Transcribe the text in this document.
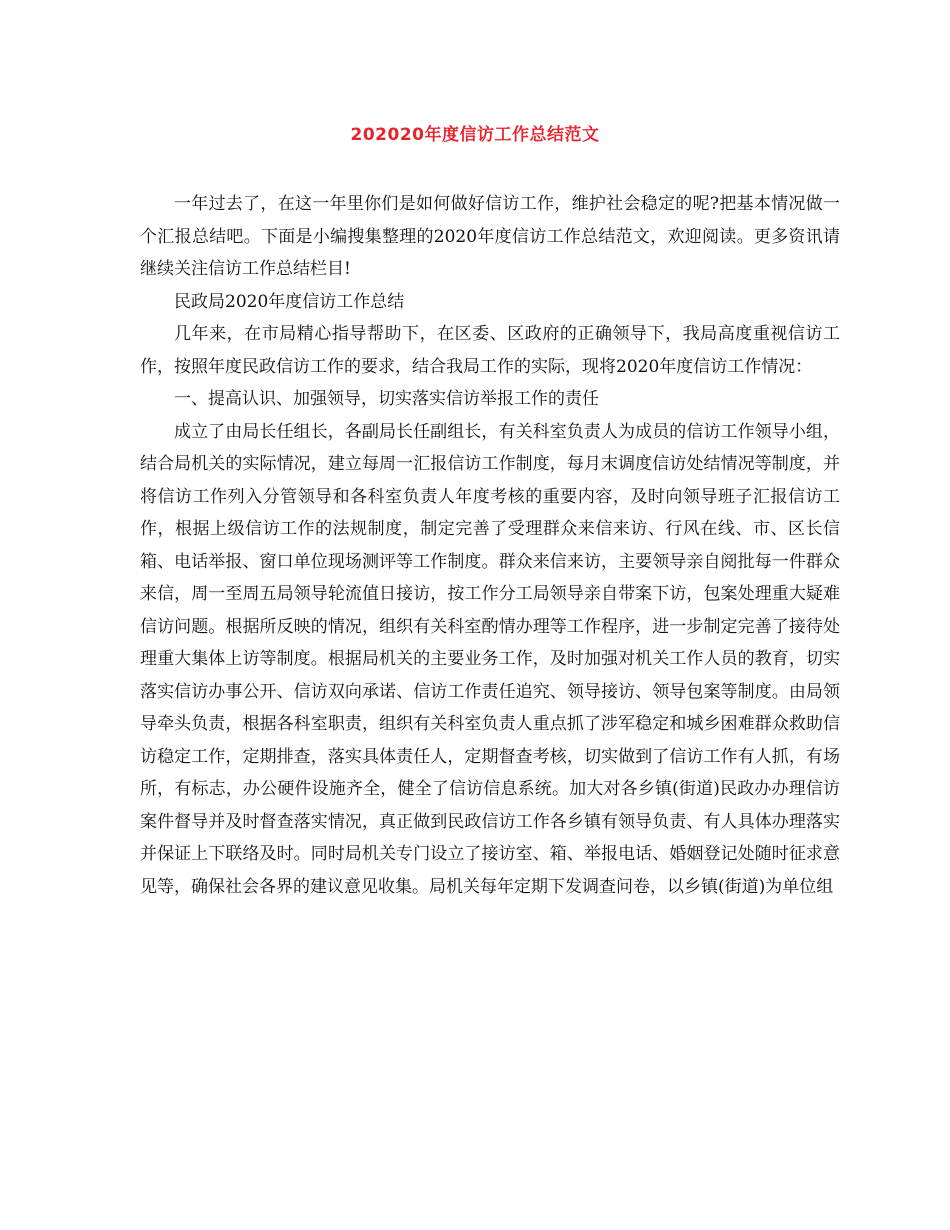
202020年度信访工作总结范文

一年过去了，在这一年里你们是如何做好信访工作，维护社会稳定的呢?把基本情况做一个汇报总结吧。下面是小编搜集整理的2020年度信访工作总结范文，欢迎阅读。更多资讯请继续关注信访工作总结栏目!

民政局2020年度信访工作总结

几年来，在市局精心指导帮助下，在区委、区政府的正确领导下，我局高度重视信访工作，按照年度民政信访工作的要求，结合我局工作的实际，现将2020年度信访工作情况：

一、提高认识、加强领导，切实落实信访举报工作的责任

成立了由局长任组长，各副局长任副组长，有关科室负责人为成员的信访工作领导小组，结合局机关的实际情况，建立每周一汇报信访工作制度，每月末调度信访处结情况等制度，并将信访工作列入分管领导和各科室负责人年度考核的重要内容，及时向领导班子汇报信访工作，根据上级信访工作的法规制度，制定完善了受理群众来信来访、行风在线、市、区长信箱、电话举报、窗口单位现场测评等工作制度。群众来信来访，主要领导亲自阅批每一件群众来信，周一至周五局领导轮流值日接访，按工作分工局领导亲自带案下访，包案处理重大疑难信访问题。根据所反映的情况，组织有关科室酌情办理等工作程序，进一步制定完善了接待处理重大集体上访等制度。根据局机关的主要业务工作，及时加强对机关工作人员的教育，切实落实信访办事公开、信访双向承诺、信访工作责任追究、领导接访、领导包案等制度。由局领导牵头负责，根据各科室职责，组织有关科室负责人重点抓了涉军稳定和城乡困难群众救助信访稳定工作，定期排查，落实具体责任人，定期督查考核，切实做到了信访工作有人抓，有场所，有标志，办公硬件设施齐全，健全了信访信息系统。加大对各乡镇(街道)民政办办理信访案件督导并及时督查落实情况，真正做到民政信访工作各乡镇有领导负责、有人具体办理落实并保证上下联络及时。同时局机关专门设立了接访室、箱、举报电话、婚姻登记处随时征求意见等，确保社会各界的建议意见收集。局机关每年定期下发调查问卷，以乡镇(街道)为单位组
